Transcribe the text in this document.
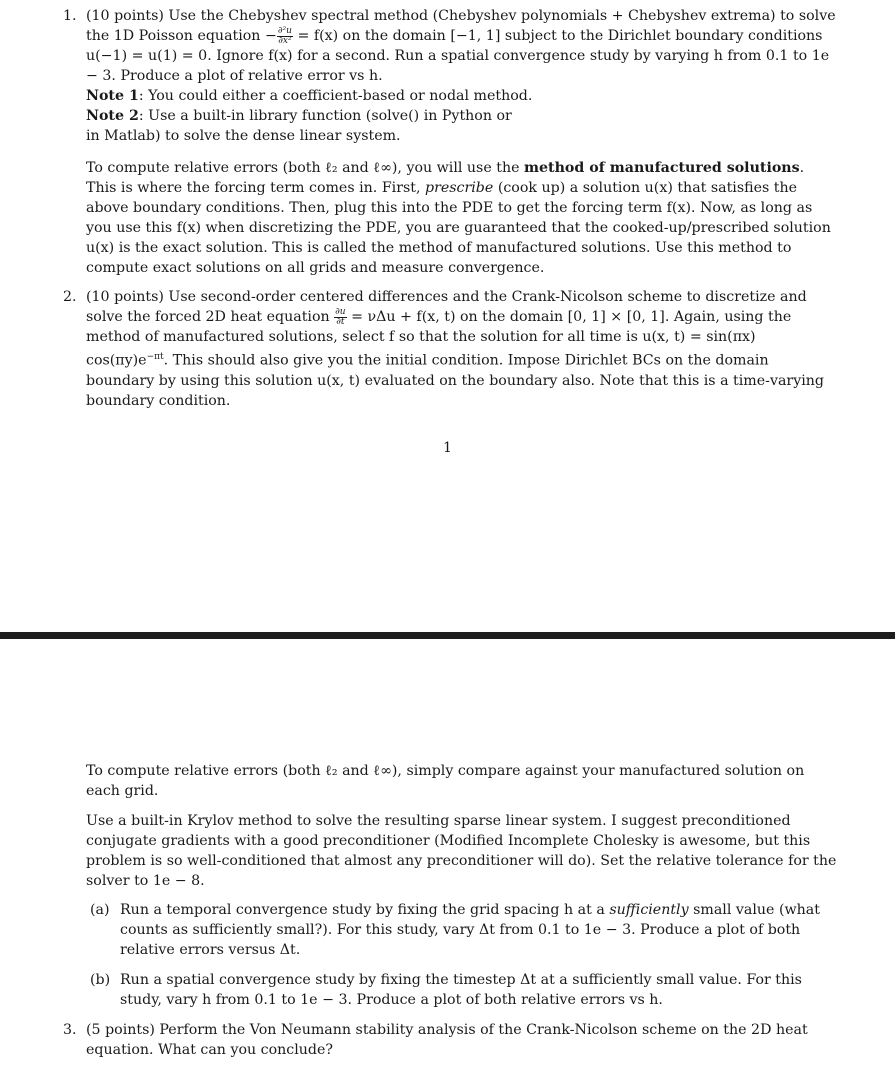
1. (10 points) Use the Chebyshev spectral method (Chebyshev polynomials + Chebyshev extrema) to solve the 1D Poisson equation − $\frac{\text{∂²u}}{\text{∂x²}} = f(x)$ on the domain [−1, 1] subject to the Dirichlet boundary conditions u(−1) = u(1) = 0. Ignore f(x) for a second. Run a spatial convergence study by varying h from 0.1 to 1e − 3. Produce a plot of relative error vs h.

Note 1: You could either a coefficient-based or nodal method.

Note 2: Use a built-in library function (solve() in Python or

in Matlab) to solve the dense linear system.

To compute relative errors (both ℓ₂ and ℓ∞), you will use the method of manufactured solutions. This is where the forcing term comes in. First, prescribe (cook up) a solution u(x) that satisfies the above boundary conditions. Then, plug this into the PDE to get the forcing term f(x). Now, as long as you use this f(x) when discretizing the PDE, you are guaranteed that the cooked-up/prescribed solution u(x) is the exact solution. This is called the method of manufactured solutions. Use this method to compute exact solutions on all grids and measure convergence.

2. (10 points) Use second-order centered differences and the Crank-Nicolson scheme to discretize and solve the forced 2D heat equation $\frac{\partial u}{\partial t} = \nu\Delta u + f(x$, t) on the domain [0, 1] × [0, 1]. Again, using the method of manufactured solutions, select f so that the solution for all time is u(x, t) = sin(πx) $\cos(\pi y)e^{-\pi t}$. This should also give you the initial condition. Impose Dirichlet BCs on the domain boundary by using this solution u(x, t) evaluated on the boundary also. Note that this is a time-varying boundary condition.

1

To compute relative errors (both ℓ₂ and ℓ∞), simply compare against your manufactured solution on each grid.

Use a built-in Krylov method to solve the resulting sparse linear system. I suggest preconditioned conjugate gradients with a good preconditioner (Modified Incomplete Cholesky is awesome, but this problem is so well-conditioned that almost any preconditioner will do). Set the relative tolerance for the solver to 1e − 8.

(a) Run a temporal convergence study by fixing the grid spacing h at a sufficiently small value (what counts as sufficiently small?). For this study, vary Δt from 0.1 to 1e − 3. Produce a plot of both relative errors versus Δt.

(b) Run a spatial convergence study by fixing the timestep Δt at a sufficiently small value. For this study, vary h from 0.1 to 1e − 3. Produce a plot of both relative errors vs h.

3. (5 points) Perform the Von Neumann stability analysis of the Crank-Nicolson scheme on the 2D heat equation. What can you conclude?
